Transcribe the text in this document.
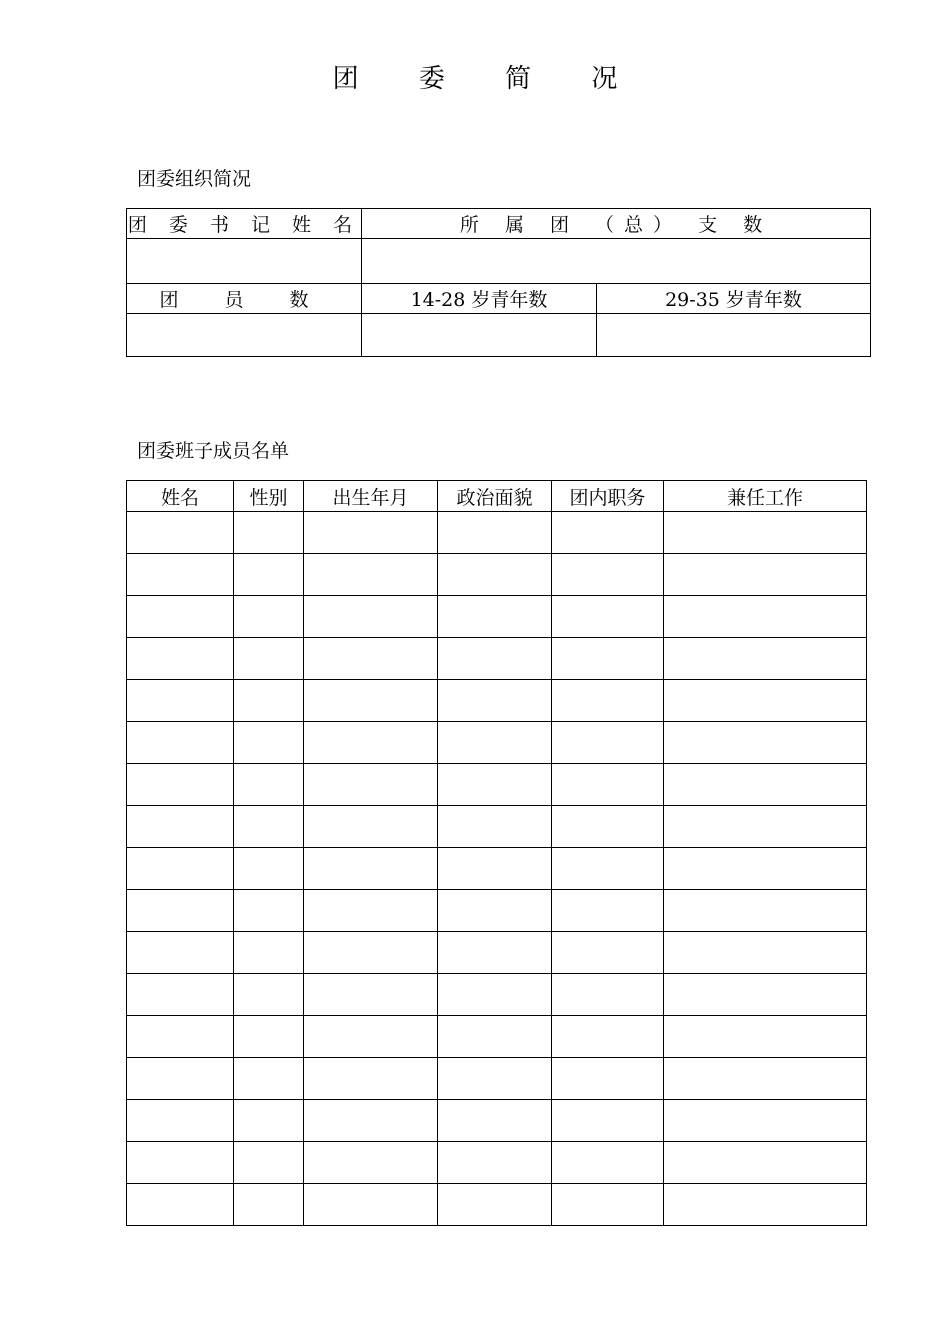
团 委 简 况
团委组织简况
团 委 书 记 姓 名	所 属 团 （总） 支 数	

团 员 数	14-28 岁青年数	29-35 岁青年数

团委班子成员名单
姓名	性别	出生年月	政治面貌	团内职务	兼任工作
